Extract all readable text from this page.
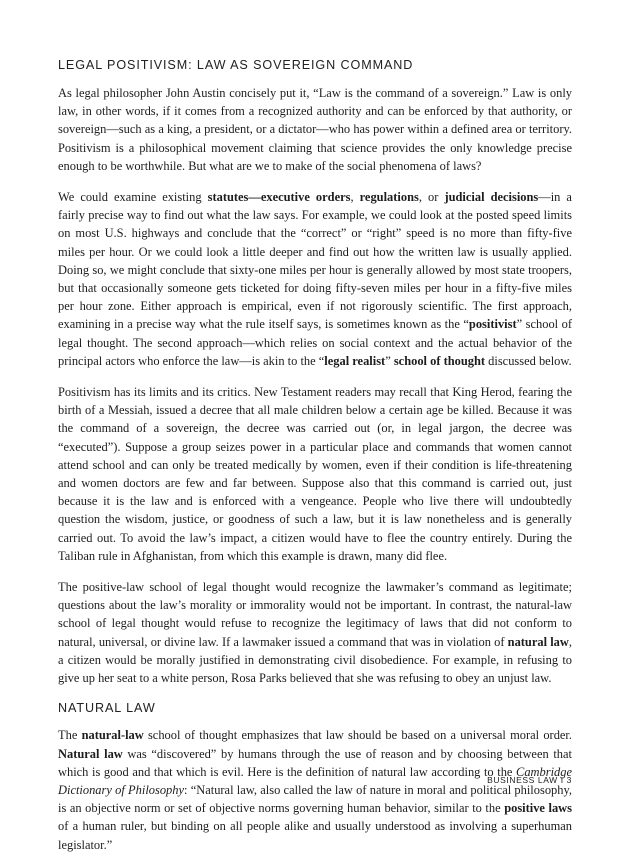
LEGAL POSITIVISM: LAW AS SOVEREIGN COMMAND

As legal philosopher John Austin concisely put it, “Law is the command of a sovereign.” Law is only law, in other words, if it comes from a recognized authority and can be enforced by that authority, or sovereign—such as a king, a president, or a dictator—who has power within a defined area or territory. Positivism is a philosophical movement claiming that science provides the only knowledge precise enough to be worthwhile. But what are we to make of the social phenomena of laws?

We could examine existing statutes—executive orders, regulations, or judicial decisions—in a fairly precise way to find out what the law says. For example, we could look at the posted speed limits on most U.S. highways and conclude that the “correct” or “right” speed is no more than fifty-five miles per hour. Or we could look a little deeper and find out how the written law is usually applied. Doing so, we might conclude that sixty-one miles per hour is generally allowed by most state troopers, but that occasionally someone gets ticketed for doing fifty-seven miles per hour in a fifty-five miles per hour zone. Either approach is empirical, even if not rigorously scientific. The first approach, examining in a precise way what the rule itself says, is sometimes known as the “positivist” school of legal thought. The second approach—which relies on social context and the actual behavior of the principal actors who enforce the law—is akin to the “legal realist” school of thought discussed below.

Positivism has its limits and its critics. New Testament readers may recall that King Herod, fearing the birth of a Messiah, issued a decree that all male children below a certain age be killed. Because it was the command of a sovereign, the decree was carried out (or, in legal jargon, the decree was “executed”). Suppose a group seizes power in a particular place and commands that women cannot attend school and can only be treated medically by women, even if their condition is life-threatening and women doctors are few and far between. Suppose also that this command is carried out, just because it is the law and is enforced with a vengeance. People who live there will undoubtedly question the wisdom, justice, or goodness of such a law, but it is law nonetheless and is generally carried out. To avoid the law’s impact, a citizen would have to flee the country entirely. During the Taliban rule in Afghanistan, from which this example is drawn, many did flee.

The positive-law school of legal thought would recognize the lawmaker’s command as legitimate; questions about the law’s morality or immorality would not be important. In contrast, the natural-law school of legal thought would refuse to recognize the legitimacy of laws that did not conform to natural, universal, or divine law. If a lawmaker issued a command that was in violation of natural law, a citizen would be morally justified in demonstrating civil disobedience. For example, in refusing to give up her seat to a white person, Rosa Parks believed that she was refusing to obey an unjust law.

NATURAL LAW

The natural-law school of thought emphasizes that law should be based on a universal moral order. Natural law was “discovered” by humans through the use of reason and by choosing between that which is good and that which is evil. Here is the definition of natural law according to the Cambridge Dictionary of Philosophy: “Natural law, also called the law of nature in moral and political philosophy, is an objective norm or set of objective norms governing human behavior, similar to the positive laws of a human ruler, but binding on all people alike and usually understood as involving a superhuman legislator.”

BUSINESS LAW I 3
